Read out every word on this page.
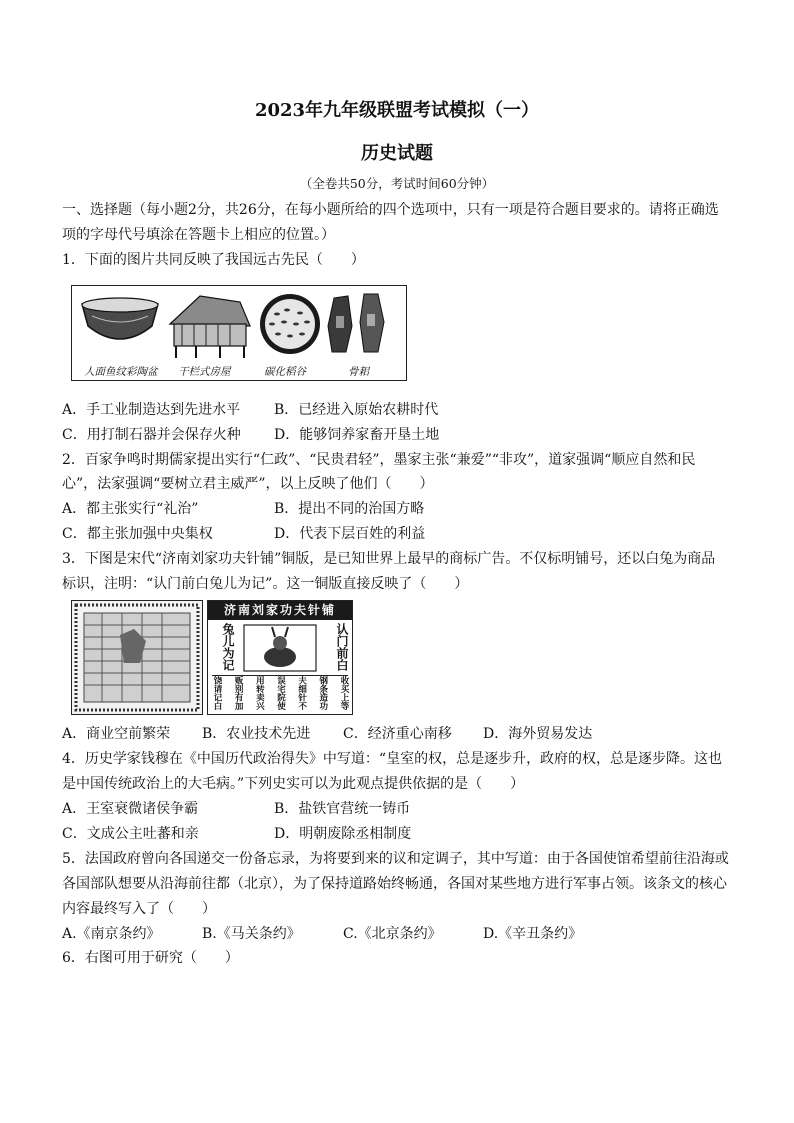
2023年九年级联盟考试模拟（一）
历史试题
（全卷共50分，考试时间60分钟）
一、选择题（每小题2分，共26分，在每小题所给的四个选项中，只有一项是符合题目要求的。请将正确选
项的字母代号填涂在答题卡上相应的位置。）
1．下面的图片共同反映了我国远古先民（　　）
人面鱼纹彩陶盆 干栏式房屋	碳化稻谷	骨耜
A．手工业制造达到先进水平 B．已经进入原始农耕时代
C．用打制石器并会保存火种 D．能够饲养家畜开垦土地
2．百家争鸣时期儒家提出实行“仁政”、“民贵君轻”，墨家主张“兼爱”“非攻”，道家强调“顺应自然和民
心”，法家强调“要树立君主威严”，以上反映了他们（　　）
A．都主张实行“礼治”	B．提出不同的治国方略
C．都主张加强中央集权	D．代表下层百姓的利益
3．下图是宋代“济南刘家功夫针铺”铜版，是已知世界上最早的商标广告。不仅标明铺号，还以白兔为商品
标识，注明：“认门前白兔儿为记”。这一铜版直接反映了（　　）
济南刘家功夫针铺
兔儿为记	认门前白
饶请记白 贩别有加 用转卖兴 误宅院使 夫细针不 钢条造功 收买上等
A．商业空前繁荣 B．农业技术先进 C．经济重心南移 D．海外贸易发达
4．历史学家钱穆在《中国历代政治得失》中写道：“皇室的权，总是逐步升，政府的权，总是逐步降。这也
是中国传统政治上的大毛病。”下列史实可以为此观点提供依据的是（　　）
A．王室衰微诸侯争霸	B．盐铁官营统一铸币
C．文成公主吐蕃和亲	D．明朝废除丞相制度
5．法国政府曾向各国递交一份备忘录，为将要到来的议和定调子，其中写道：由于各国使馆希望前往沿海或
各国部队想要从沿海前往都（北京），为了保持道路始终畅通，各国对某些地方进行军事占领。该条文的核心
内容最终写入了（　　）
A.《南京条约》	B.《马关条约》	C.《北京条约》	D.《辛丑条约》
6．右图可用于研究（　　）
